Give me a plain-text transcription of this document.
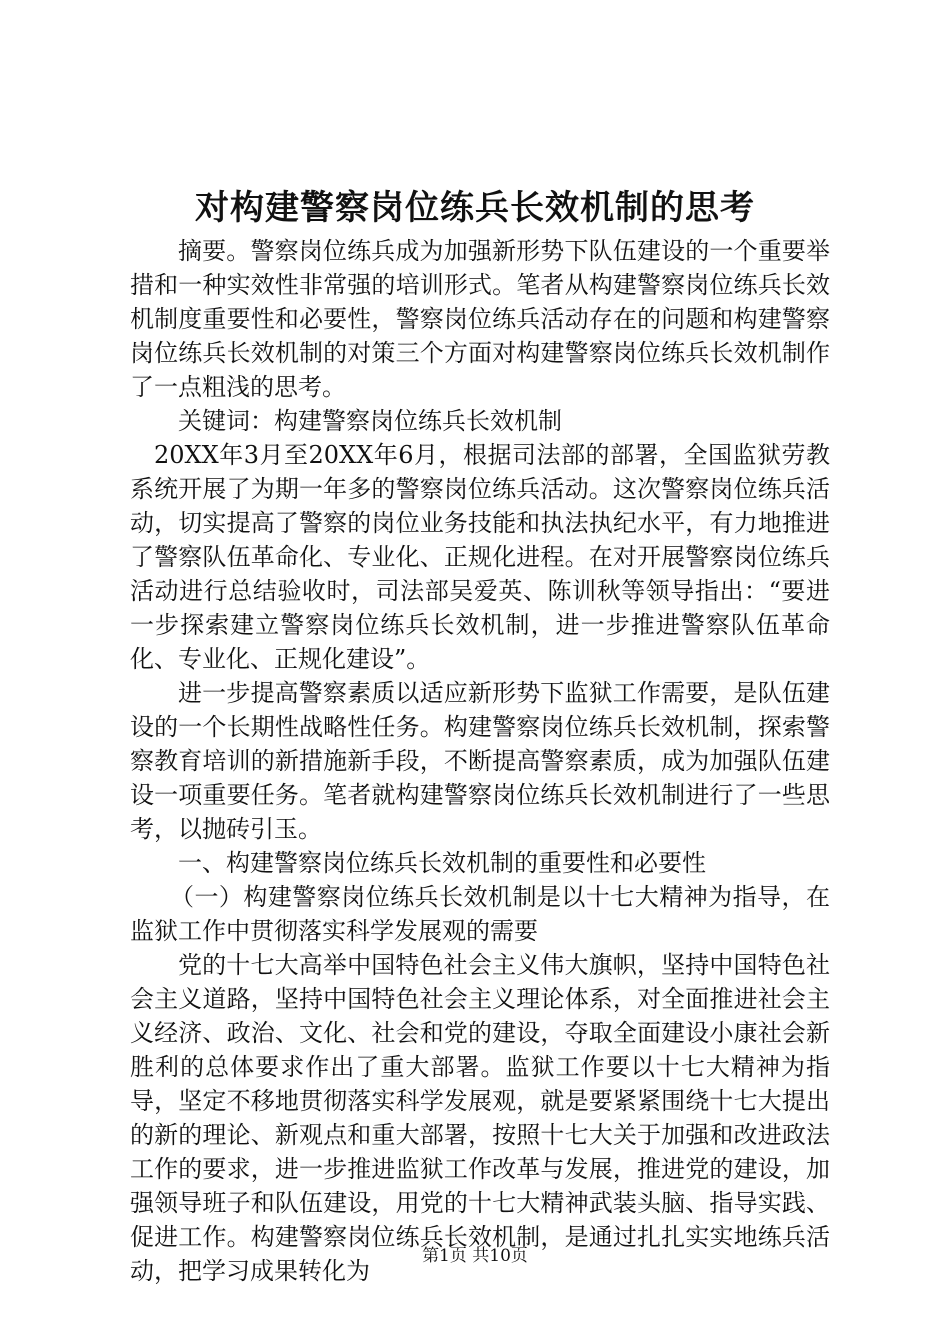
对构建警察岗位练兵长效机制的思考

摘要。警察岗位练兵成为加强新形势下队伍建设的一个重要举措和一种实效性非常强的培训形式。笔者从构建警察岗位练兵长效机制度重要性和必要性，警察岗位练兵活动存在的问题和构建警察岗位练兵长效机制的对策三个方面对构建警察岗位练兵长效机制作了一点粗浅的思考。

关键词：构建警察岗位练兵长效机制

20XX年3月至20XX年6月，根据司法部的部署，全国监狱劳教系统开展了为期一年多的警察岗位练兵活动。这次警察岗位练兵活动，切实提高了警察的岗位业务技能和执法执纪水平，有力地推进了警察队伍革命化、专业化、正规化进程。在对开展警察岗位练兵活动进行总结验收时，司法部吴爱英、陈训秋等领导指出：“要进一步探索建立警察岗位练兵长效机制，进一步推进警察队伍革命化、专业化、正规化建设”。

进一步提高警察素质以适应新形势下监狱工作需要，是队伍建设的一个长期性战略性任务。构建警察岗位练兵长效机制，探索警察教育培训的新措施新手段，不断提高警察素质，成为加强队伍建设一项重要任务。笔者就构建警察岗位练兵长效机制进行了一些思考，以抛砖引玉。

一、构建警察岗位练兵长效机制的重要性和必要性

（一）构建警察岗位练兵长效机制是以十七大精神为指导，在监狱工作中贯彻落实科学发展观的需要

党的十七大高举中国特色社会主义伟大旗帜，坚持中国特色社会主义道路，坚持中国特色社会主义理论体系，对全面推进社会主义经济、政治、文化、社会和党的建设，夺取全面建设小康社会新胜利的总体要求作出了重大部署。监狱工作要以十七大精神为指导，坚定不移地贯彻落实科学发展观，就是要紧紧围绕十七大提出的新的理论、新观点和重大部署，按照十七大关于加强和改进政法工作的要求，进一步推进监狱工作改革与发展，推进党的建设，加强领导班子和队伍建设，用党的十七大精神武装头脑、指导实践、促进工作。构建警察岗位练兵长效机制，是通过扎扎实实地练兵活动，把学习成果转化为

第1页 共10页
